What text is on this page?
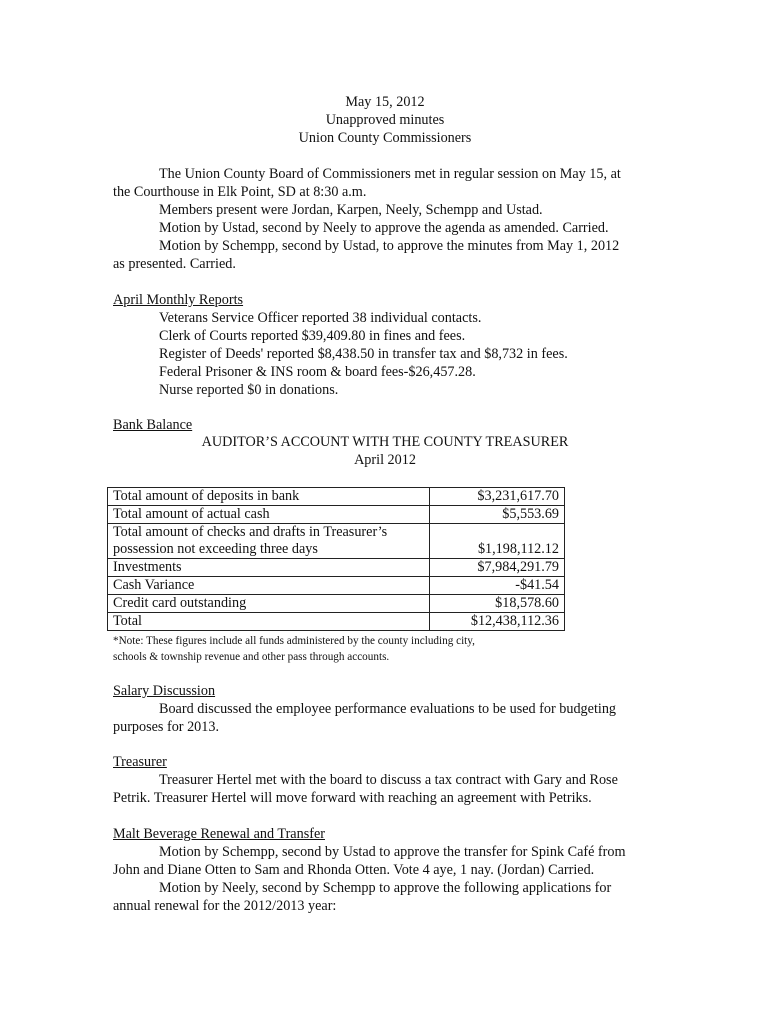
May 15, 2012
Unapproved minutes
Union County Commissioners
The Union County Board of Commissioners met in regular session on May 15, at
the Courthouse in Elk Point, SD at 8:30 a.m.
Members present were Jordan, Karpen, Neely, Schempp and Ustad.
Motion by Ustad, second by Neely to approve the agenda as amended. Carried.
Motion by Schempp, second by Ustad, to approve the minutes from May 1, 2012
as presented. Carried.
April Monthly Reports
Veterans Service Officer reported 38 individual contacts.
Clerk of Courts reported $39,409.80 in fines and fees.
Register of Deeds' reported $8,438.50 in transfer tax and $8,732 in fees.
Federal Prisoner & INS room & board fees-$26,457.28.
Nurse reported $0 in donations.
Bank Balance
AUDITOR’S ACCOUNT WITH THE COUNTY TREASURER
April 2012
Total amount of deposits in bank	$3,231,617.70
Total amount of actual cash	$5,553.69

Total amount of checks and drafts in Treasurer’s
possession not exceeding three days	$1,198,112.12
Investments	$7,984,291.79
Cash Variance	-$41.54
Credit card outstanding	$18,578.60
Total	$12,438,112.36
*Note: These figures include all funds administered by the county including city,
schools & township revenue and other pass through accounts.
Salary Discussion
Board discussed the employee performance evaluations to be used for budgeting
purposes for 2013.
Treasurer
Treasurer Hertel met with the board to discuss a tax contract with Gary and Rose
Petrik. Treasurer Hertel will move forward with reaching an agreement with Petriks.
Malt Beverage Renewal and Transfer
Motion by Schempp, second by Ustad to approve the transfer for Spink Café from
John and Diane Otten to Sam and Rhonda Otten. Vote 4 aye, 1 nay. (Jordan) Carried.
Motion by Neely, second by Schempp to approve the following applications for
annual renewal for the 2012/2013 year:
